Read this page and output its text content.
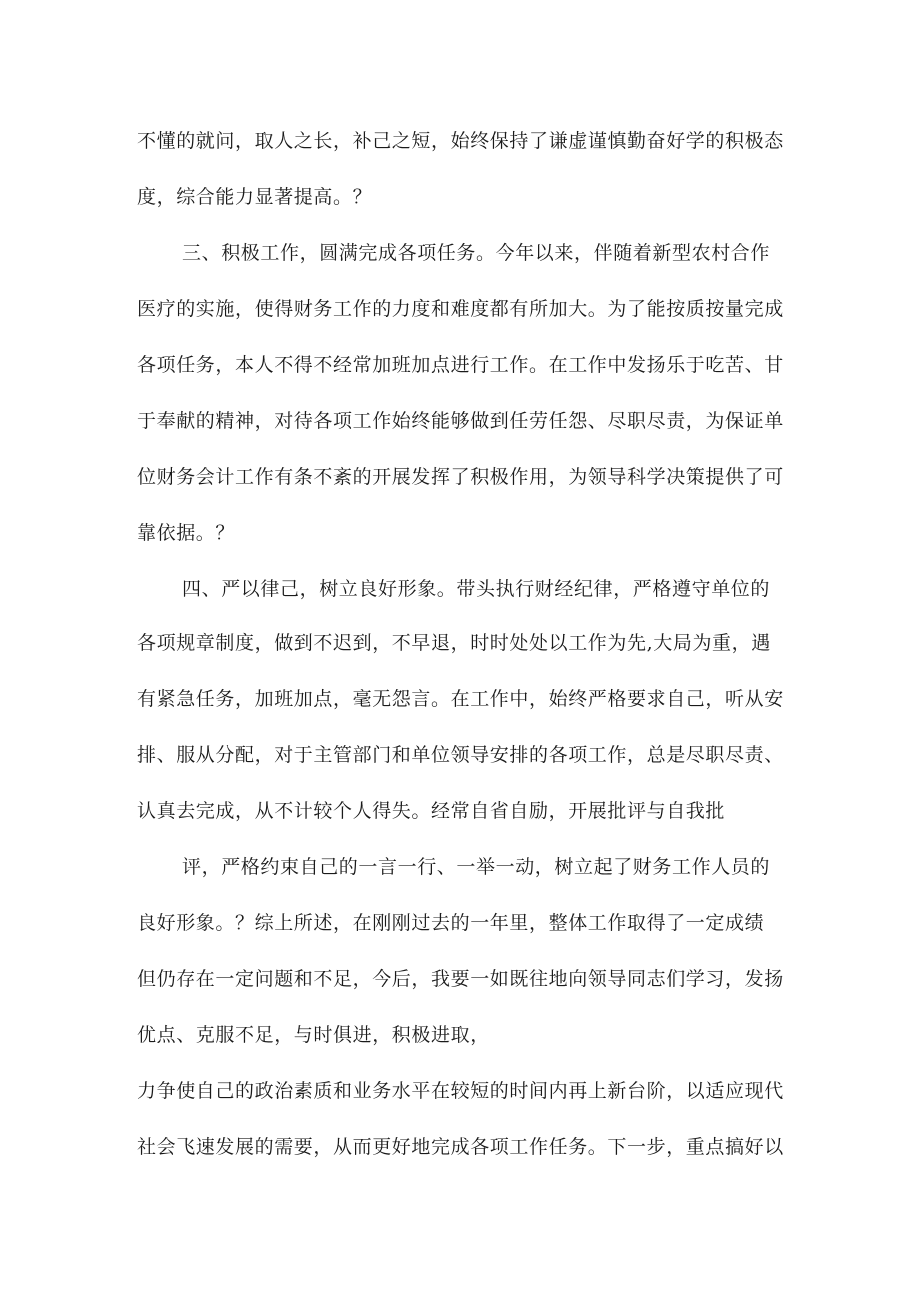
不懂的就问，取人之长，补己之短，始终保持了谦虚谨慎勤奋好学的积极态
度，综合能力显著提高。？
三、积极工作，圆满完成各项任务。今年以来，伴随着新型农村合作
医疗的实施，使得财务工作的力度和难度都有所加大。为了能按质按量完成
各项任务，本人不得不经常加班加点进行工作。在工作中发扬乐于吃苦、甘
于奉献的精神，对待各项工作始终能够做到任劳任怨、尽职尽责，为保证单
位财务会计工作有条不紊的开展发挥了积极作用，为领导科学决策提供了可
靠依据。？
四、严以律己，树立良好形象。带头执行财经纪律，严格遵守单位的
各项规章制度，做到不迟到，不早退，时时处处以工作为先,大局为重，遇
有紧急任务，加班加点，毫无怨言。在工作中，始终严格要求自己，听从安
排、服从分配，对于主管部门和单位领导安排的各项工作，总是尽职尽责、
认真去完成，从不计较个人得失。经常自省自励，开展批评与自我批
评，严格约束自己的一言一行、一举一动，树立起了财务工作人员的
良好形象。？综上所述，在刚刚过去的一年里，整体工作取得了一定成绩
但仍存在一定问题和不足，今后，我要一如既往地向领导同志们学习，发扬
优点、克服不足，与时俱进，积极进取，
力争使自己的政治素质和业务水平在较短的时间内再上新台阶，以适应现代
社会飞速发展的需要，从而更好地完成各项工作任务。下一步，重点搞好以
